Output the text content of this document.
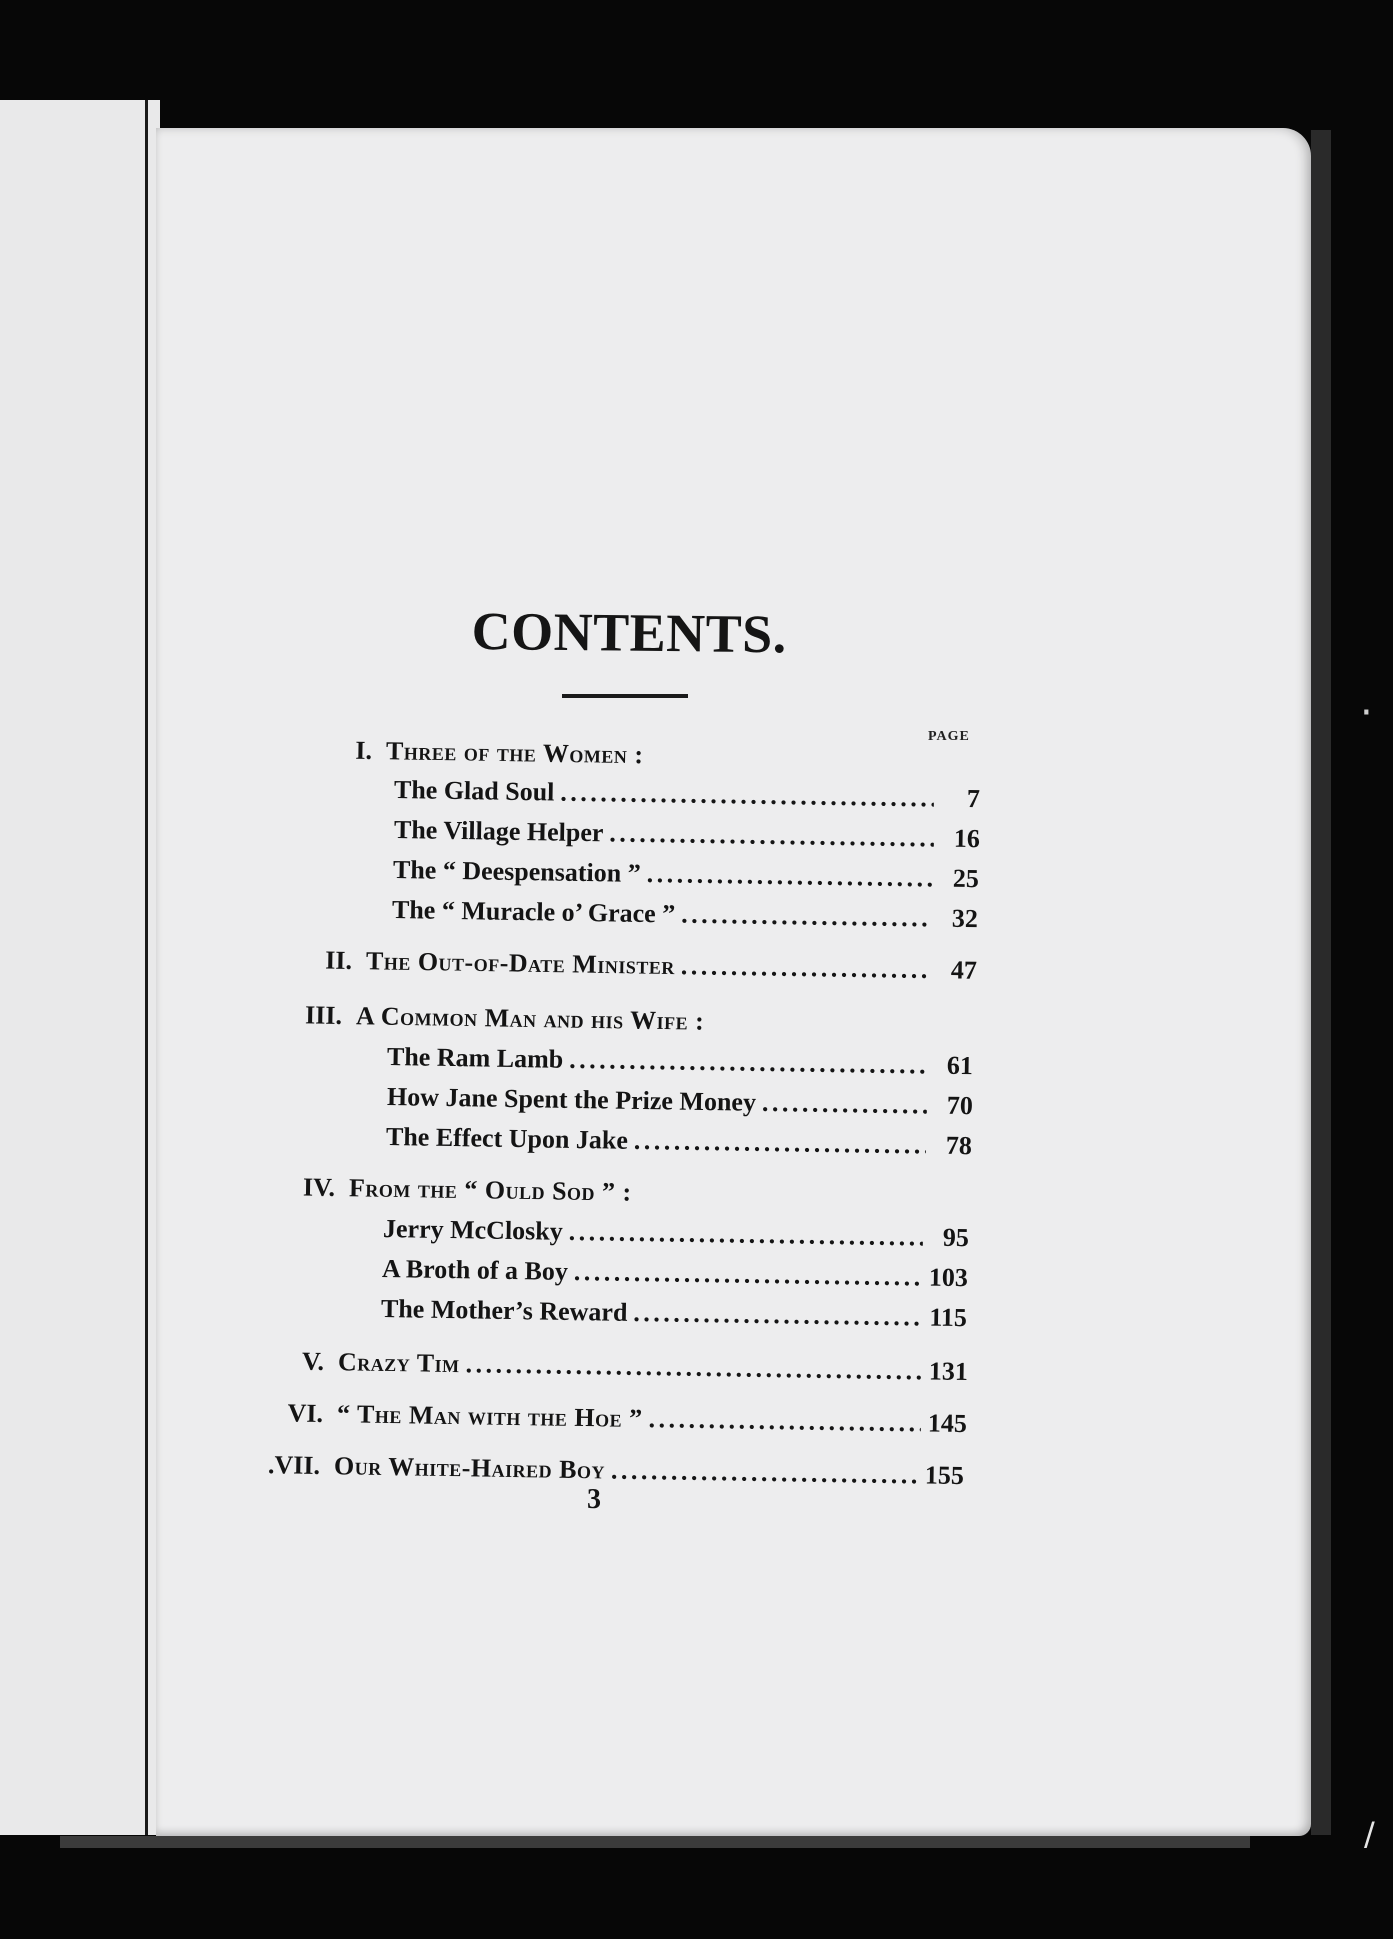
·
/
CONTENTS.
PAGE
I. Three of the Women :
The Glad Soul . . .	7
The Village Helper . . .	16
The “ Deespensation ” . . .	25
The “ Muracle o’ Grace ” . . .	32
II. The Out-of-Date Minister . . .	47
III. A Common Man and his Wife :
The Ram Lamb . . .	61
How Jane Spent the Prize Money . . .	70
The Effect Upon Jake . . .	78
IV. From the “ Ould Sod ” :
Jerry McClosky . . .	95
A Broth of a Boy . . .	103
The Mother’s Reward . . .	115
V. Crazy Tim . . .	131
VI. “ The Man with the Hoe ” . . .	145
.VII. Our White-Haired Boy . . .	155
3
